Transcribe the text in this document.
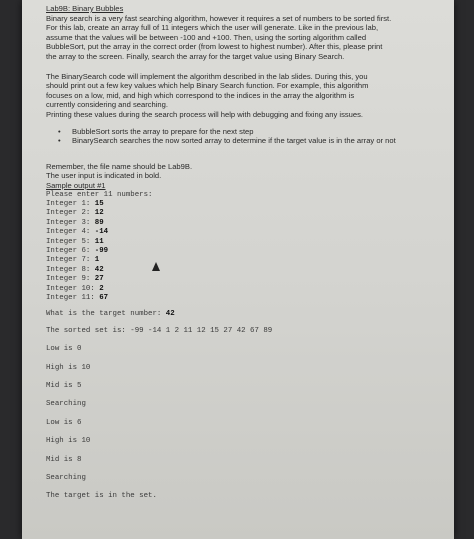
Lab9B: Binary Bubbles

Binary search is a very fast searching algorithm, however it requires a set of numbers to be sorted first.

For this lab, create an array full of 11 integers which the user will generate. Like in the previous lab,

assume that the values will be between -100 and +100. Then, using the sorting algorithm called

BubbleSort, put the array in the correct order (from lowest to highest number). After this, please print

the array to the screen. Finally, search the array for the target value using Binary Search.

The BinarySearch code will implement the algorithm described in the lab slides. During this, you

should print out a few key values which help Binary Search function. For example, this algorithm

focuses on a low, mid, and high which correspond to the indices in the array the algorithm is

currently considering and searching.

Printing these values during the search process will help with debugging and fixing any issues.

• BubbleSort sorts the array to prepare for the next step
• BinarySearch searches the now sorted array to determine if the target value is in the array or not

Remember, the file name should be Lab9B.

The user input is indicated in bold.

Sample output #1

Please enter 11 numbers:
Integer 1: 15
Integer 2: 12
Integer 3: 89
Integer 4: -14
Integer 5: 11
Integer 6: -99
Integer 7: 1
Integer 8: 42
Integer 9: 27
Integer 10: 2
Integer 11: 67
What is the target number: 42
The sorted set is: -99 -14 1 2 11 12 15 27 42 67 89
Low is 0
High is 10
Mid is 5
Searching
Low is 6
High is 10
Mid is 8
Searching
The target is in the set.
